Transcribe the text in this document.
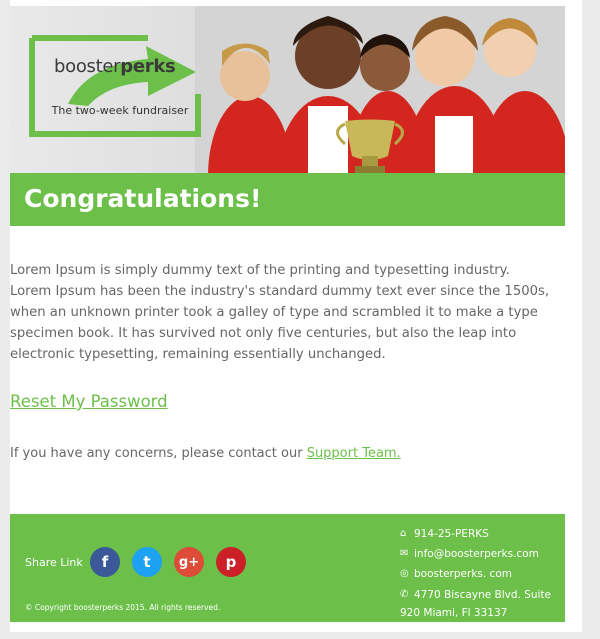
boosterperks
The two-week fundraiser
Congratulations!
Lorem Ipsum is simply dummy text of the printing and typesetting industry. Lorem Ipsum has been the industry's standard dummy text ever since the 1500s, when an unknown printer took a galley of type and scrambled it to make a type specimen book. It has survived not only five centuries, but also the leap into electronic typesetting, remaining essentially unchanged.
Reset My Password
If you have any concerns, please contact our Support Team.
Share Link	f	t	g+	p
© Copyright boosterperks 2015. All rights reserved.
⌂ 914-25-PERKS
✉ info@boosterperks.com
◎ boosterperks. com
✆ 4770 Biscayne Blvd. Suite
920 Miami, Fl 33137
